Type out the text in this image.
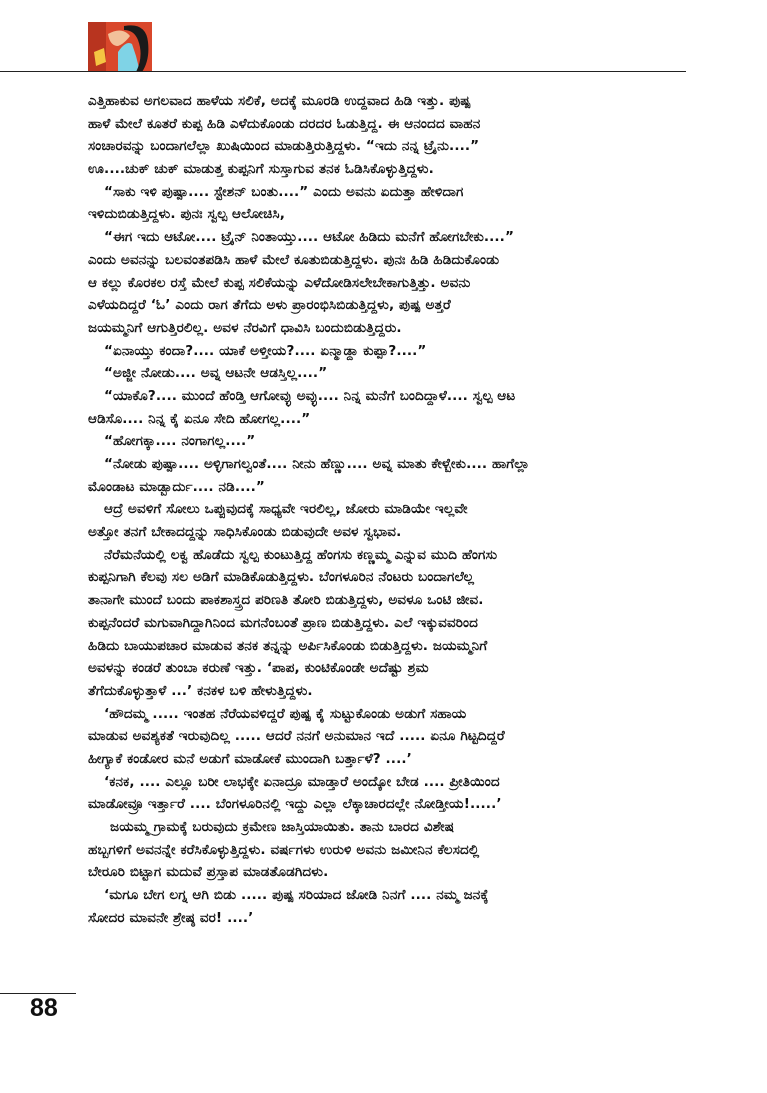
ಎತ್ತಿಹಾಕುವ ಅಗಲವಾದ ಹಾಳೆಯ ಸಲಿಕೆ, ಅದಕ್ಕೆ ಮೂರಡಿ ಉದ್ದವಾದ ಹಿಡಿ ಇತ್ತು. ಪುಷ್ಪ
ಹಾಳೆ ಮೇಲೆ ಕೂತರೆ ಕುಪ್ಪ ಹಿಡಿ ಎಳೆದುಕೊಂಡು ದರದರ ಓಡುತ್ತಿದ್ದ. ಈ ಆನಂದದ ವಾಹನ
ಸಂಚಾರವನ್ನು ಬಂದಾಗಲೆಲ್ಲಾ ಖುಷಿಯಿಂದ ಮಾಡುತ್ತಿರುತ್ತಿದ್ದಳು. “ಇದು ನನ್ನ ಟ್ರೈನು....”
ಊ....ಚುಕ್ ಚುಕ್ ಮಾಡುತ್ತ ಕುಪ್ಪನಿಗೆ ಸುಸ್ತಾಗುವ ತನಕ ಓಡಿಸಿಕೊಳ್ಳುತ್ತಿದ್ದಳು.
“ಸಾಕು ಇಳಿ ಪುಷ್ಪಾ.... ಸ್ಟೇಶನ್ ಬಂತು....” ಎಂದು ಅವನು ಏದುತ್ತಾ ಹೇಳಿದಾಗ
ಇಳಿದುಬಿಡುತ್ತಿದ್ದಳು. ಪುನಃ ಸ್ವಲ್ಪ ಆಲೋಚಿಸಿ,
“ಈಗ ಇದು ಆಟೋ.... ಟ್ರೈನ್ ನಿಂತಾಯ್ತು.... ಆಟೋ ಹಿಡಿದು ಮನೆಗೆ ಹೋಗಬೇಕು....”
ಎಂದು ಅವನನ್ನು ಬಲವಂತಪಡಿಸಿ ಹಾಳೆ ಮೇಲೆ ಕೂತುಬಿಡುತ್ತಿದ್ದಳು. ಪುನಃ ಹಿಡಿ ಹಿಡಿದುಕೊಂಡು
ಆ ಕಲ್ಲು ಕೊರಕಲ ರಸ್ತೆ ಮೇಲೆ ಕುಪ್ಪ ಸಲಿಕೆಯನ್ನು ಎಳೆದೋಡಿಸಲೇಬೇಕಾಗುತ್ತಿತ್ತು. ಅವನು
ಎಳೆಯದಿದ್ದರೆ ‘ಓ’ ಎಂದು ರಾಗ ತೆಗೆದು ಅಳು ಪ್ರಾರಂಭಿಸಿಬಿಡುತ್ತಿದ್ದಳು, ಪುಷ್ಪ ಅತ್ತರೆ
ಜಯಮ್ಮನಿಗೆ ಆಗುತ್ತಿರಲಿಲ್ಲ. ಅವಳ ನೆರವಿಗೆ ಧಾವಿಸಿ ಬಂದುಬಿಡುತ್ತಿದ್ದರು.
“ಏನಾಯ್ತು ಕಂದಾ?.... ಯಾಕೆ ಅಳ್ತೀಯ?.... ಏನ್ಮಾಡ್ದಾ ಕುಪ್ಪಾ?....”
“ಅಜ್ಜೀ ನೋಡು.... ಅವ್ನ ಆಟನೇ ಆಡಸ್ತಿಲ್ಲ....”
“ಯಾಕೊ?.... ಮುಂದೆ ಹೆಂಡ್ತಿ ಆಗೋವ್ಳು ಅವ್ಳು.... ನಿನ್ನ ಮನೆಗೆ ಬಂದಿದ್ದಾಳೆ.... ಸ್ವಲ್ಪ ಆಟ
ಆಡಿಸೊ.... ನಿನ್ನ ಕೈ ಏನೂ ಸೇದಿ ಹೋಗಲ್ಲ....”
“ಹೋಗಕ್ಕಾ.... ನಂಗಾಗಲ್ಲ....”
“ನೋಡು ಪುಷ್ಪಾ.... ಅಳ್ಳಿಗಾಗಲ್ವಂತೆ.... ನೀನು ಹೆಣ್ಣು.... ಅವ್ನ ಮಾತು ಕೇಳ್ಬೇಕು.... ಹಾಗೆಲ್ಲಾ
ಮೊಂಡಾಟ ಮಾಡ್ಬಾರ್ದು.... ನಡಿ....”
ಆದ್ರೆ ಅವಳಿಗೆ ಸೋಲು ಒಪ್ಪುವುದಕ್ಕೆ ಸಾಧ್ಯವೇ ಇರಲಿಲ್ಲ, ಜೋರು ಮಾಡಿಯೇ ಇಲ್ಲವೇ
ಅತ್ತೋ ತನಗೆ ಬೇಕಾದದ್ದನ್ನು ಸಾಧಿಸಿಕೊಂಡು ಬಿಡುವುದೇ ಅವಳ ಸ್ವಭಾವ.
ನೆರೆಮನೆಯಲ್ಲಿ ಲಕ್ವ ಹೊಡೆದು ಸ್ವಲ್ಪ ಕುಂಟುತ್ತಿದ್ದ ಹೆಂಗಸು ಕಣ್ಣಮ್ಮ ಎನ್ನುವ ಮುದಿ ಹೆಂಗಸು
ಕುಪ್ಪನಿಗಾಗಿ ಕೆಲವು ಸಲ ಅಡಿಗೆ ಮಾಡಿಕೊಡುತ್ತಿದ್ದಳು. ಬೆಂಗಳೂರಿನ ನೆಂಟರು ಬಂದಾಗಲೆಲ್ಲ
ತಾನಾಗೇ ಮುಂದೆ ಬಂದು ಪಾಕಶಾಸ್ತ್ರದ ಪರಿಣತಿ ತೋರಿ ಬಿಡುತ್ತಿದ್ದಳು, ಅವಳೂ ಒಂಟಿ ಜೀವ.
ಕುಪ್ಪನೆಂದರೆ ಮಗುವಾಗಿದ್ದಾಗಿನಿಂದ ಮಗನೆಂಬಂತೆ ಪ್ರಾಣ ಬಿಡುತ್ತಿದ್ದಳು. ಎಲೆ ಇಕ್ಕುವವರಿಂದ
ಹಿಡಿದು ಬಾಯುಪಚಾರ ಮಾಡುವ ತನಕ ತನ್ನನ್ನು ಅರ್ಪಿಸಿಕೊಂಡು ಬಿಡುತ್ತಿದ್ದಳು. ಜಯಮ್ಮನಿಗೆ
ಅವಳನ್ನು ಕಂಡರೆ ತುಂಬಾ ಕರುಣೆ ಇತ್ತು. ‘ಪಾಪ, ಕುಂಟಿಕೊಂಡೇ ಅದೆಷ್ಟು ಶ್ರಮ
ತೆಗೆದುಕೊಳ್ಳುತ್ತಾಳೆ ...’ ಕನಕಳ ಬಳಿ ಹೇಳುತ್ತಿದ್ದಳು.
‘ಹೌದಮ್ಮ ..... ಇಂತಹ ನೆರೆಯವಳಿದ್ದರೆ ಪುಷ್ಪ ಕೈ ಸುಟ್ಟುಕೊಂಡು ಅಡುಗೆ ಸಹಾಯ
ಮಾಡುವ ಅವಶ್ಯಕತೆ ಇರುವುದಿಲ್ಲ ..... ಆದರೆ ನನಗೆ ಅನುಮಾನ ಇದೆ ..... ಏನೂ ಗಿಟ್ಟದಿದ್ದರೆ
ಹೀಗ್ಯಾಕೆ ಕಂಡೋರ ಮನೆ ಅಡುಗೆ ಮಾಡೋಕೆ ಮುಂದಾಗಿ ಬರ್ತ್ತಾಳೆ? ....’
‘ಕನಕ, .... ಎಲ್ಲೂ ಬರೀ ಲಾಭಕ್ಕೇ ಏನಾದ್ರೂ ಮಾಡ್ತಾರೆ ಅಂದ್ಕೋ ಬೇಡ .... ಪ್ರೀತಿಯಿಂದ
ಮಾಡೋವ್ರೂ ಇರ್ತ್ತಾರೆ .... ಬೆಂಗಳೂರಿನಲ್ಲಿ ಇದ್ದು ಎಲ್ಲಾ ಲೆಕ್ಕಾಚಾರದಲ್ಲೇ ನೋಡ್ತೀಯ!.....’
ಜಯಮ್ಮ ಗ್ರಾಮಕ್ಕೆ ಬರುವುದು ಕ್ರಮೇಣ ಜಾಸ್ತಿಯಾಯಿತು. ತಾನು ಬಾರದ ವಿಶೇಷ
ಹಬ್ಬಗಳಿಗೆ ಅವನನ್ನೇ ಕರೆಸಿಕೊಳ್ಳುತ್ತಿದ್ದಳು. ವರ್ಷಗಳು ಉರುಳಿ ಅವನು ಜಮೀನಿನ ಕೆಲಸದಲ್ಲಿ
ಬೇರೂರಿ ಬಿಟ್ಟಾಗ ಮದುವೆ ಪ್ರಸ್ತಾಪ ಮಾಡತೊಡಗಿದಳು.
‘ಮಗೂ ಬೇಗ ಲಗ್ನ ಆಗಿ ಬಿಡು ..... ಪುಷ್ಪ ಸರಿಯಾದ ಜೋಡಿ ನಿನಗೆ .... ನಮ್ಮ ಜನಕ್ಕೆ
ಸೋದರ ಮಾವನೇ ಶ್ರೇಷ್ಠ ವರ! ....’
88
